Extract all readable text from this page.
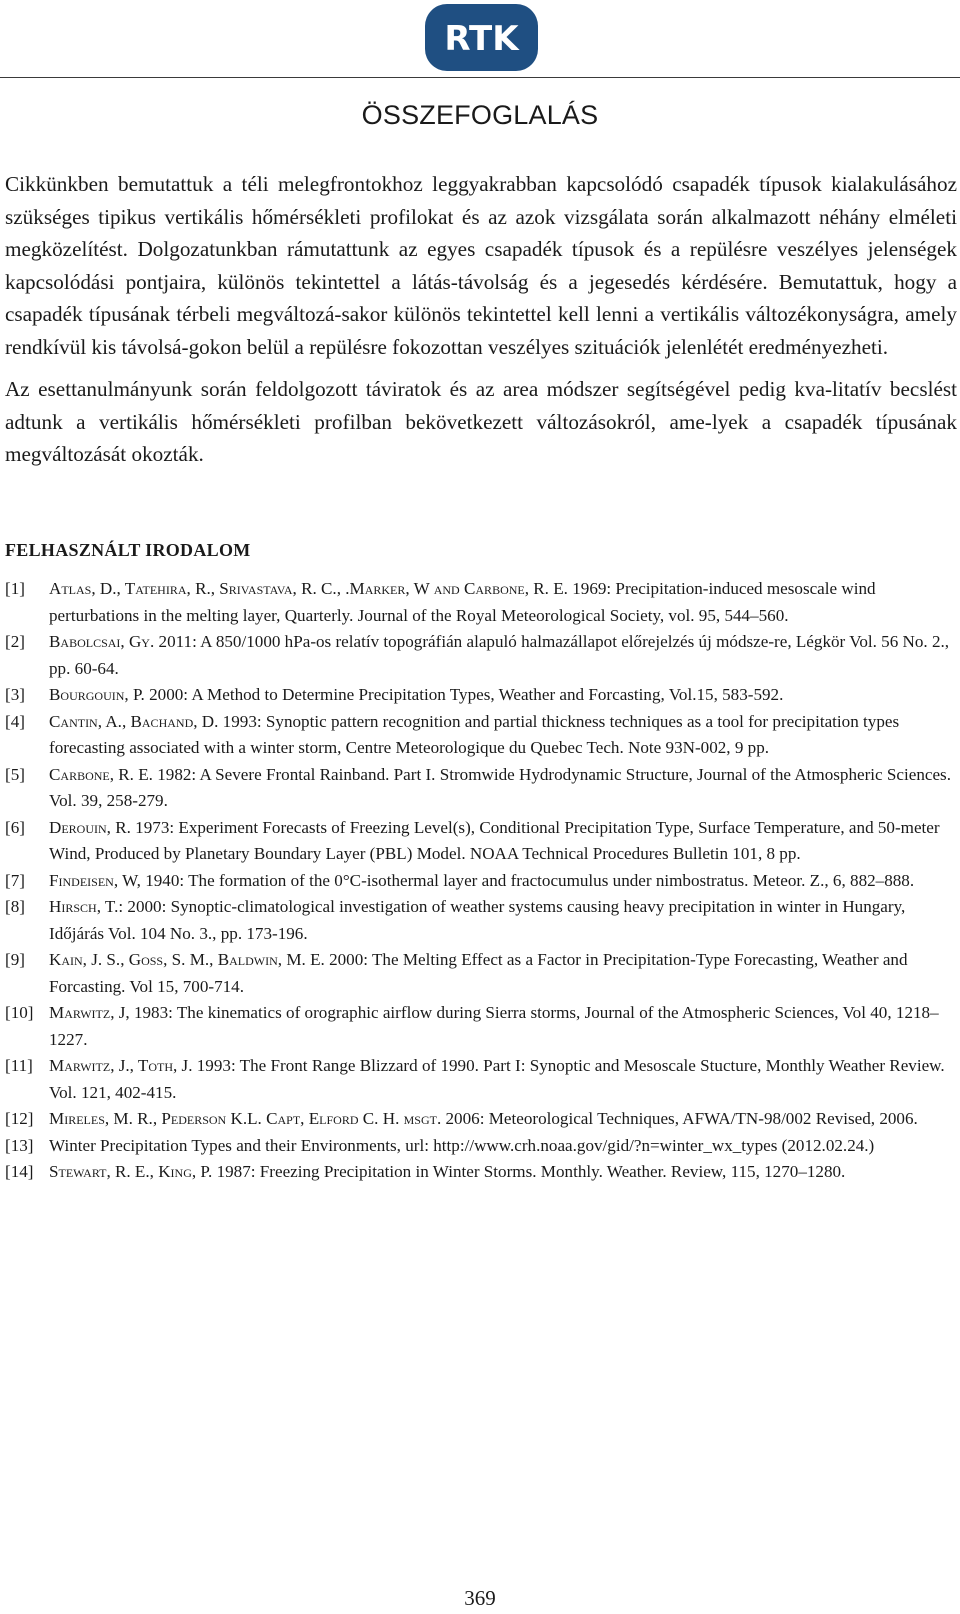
RTK
ÖSSZEFOGLALÁS

Cikkünkben bemutattuk a téli melegfrontokhoz leggyakrabban kapcsolódó csapadék típusok kialakulásához szükséges tipikus vertikális hőmérsékleti profilokat és az azok vizsgálata során alkalmazott néhány elméleti megközelítést. Dolgozatunkban rámutattunk az egyes csapadék típusok és a repülésre veszélyes jelenségek kapcsolódási pontjaira, különös tekintettel a látás-távolság és a jegesedés kérdésére. Bemutattuk, hogy a csapadék típusának térbeli megváltozá-sakor különös tekintettel kell lenni a vertikális változékonyságra, amely rendkívül kis távolsá-gokon belül a repülésre fokozottan veszélyes szituációk jelenlétét eredményezheti.

Az esettanulmányunk során feldolgozott táviratok és az area módszer segítségével pedig kva-litatív becslést adtunk a vertikális hőmérsékleti profilban bekövetkezett változásokról, ame-lyek a csapadék típusának megváltozását okozták.

FELHASZNÁLT IRODALOM
[1]	Atlas, D., Tatehira, R., Srivastava, R. C., .Marker, W and Carbone, R. E. 1969: Precipitation-induced mesoscale wind perturbations in the melting layer, Quarterly. Journal of the Royal Meteorological Society, vol. 95, 544–560.
[2]	Babolcsai, Gy. 2011: A 850/1000 hPa-os relatív topográfián alapuló halmazállapot előrejelzés új módsze-re, Légkör Vol. 56 No. 2., pp. 60-64.
[3]	Bourgouin, P. 2000: A Method to Determine Precipitation Types, Weather and Forcasting, Vol.15, 583-592.
[4]	Cantin, A., Bachand, D. 1993: Synoptic pattern recognition and partial thickness techniques as a tool for precipitation types forecasting associated with a winter storm, Centre Meteorologique du Quebec Tech. Note 93N-002, 9 pp.
[5]	Carbone, R. E. 1982: A Severe Frontal Rainband. Part I. Stromwide Hydrodynamic Structure, Journal of the Atmospheric Sciences. Vol. 39, 258-279.
[6]	Derouin, R. 1973: Experiment Forecasts of Freezing Level(s), Conditional Precipitation Type, Surface Temperature, and 50-meter Wind, Produced by Planetary Boundary Layer (PBL) Model. NOAA Technical Procedures Bulletin 101, 8 pp.
[7]	Findeisen, W, 1940: The formation of the 0°C-isothermal layer and fractocumulus under nimbostratus. Meteor. Z., 6, 882–888.
[8]	Hirsch, T.: 2000: Synoptic-climatological investigation of weather systems causing heavy precipitation in winter in Hungary, Időjárás Vol. 104 No. 3., pp. 173-196.
[9]	Kain, J. S., Goss, S. M., Baldwin, M. E. 2000: The Melting Effect as a Factor in Precipitation-Type Forecasting, Weather and Forcasting. Vol 15, 700-714.
[10] Marwitz, J, 1983: The kinematics of orographic airflow during Sierra storms, Journal of the Atmospheric Sciences, Vol 40, 1218–1227.
[11] Marwitz, J., Toth, J. 1993: The Front Range Blizzard of 1990. Part I: Synoptic and Mesoscale Stucture, Monthly Weather Review. Vol. 121, 402-415.
[12] Mireles, M. R., Pederson K.L. Capt, Elford C. H. msgt. 2006: Meteorological Techniques, AFWA/TN-98/002 Revised, 2006.
[13] Winter Precipitation Types and their Environments, url: http://www.crh.noaa.gov/gid/?n=winter_wx_types (2012.02.24.)
[14] Stewart, R. E., King, P. 1987: Freezing Precipitation in Winter Storms. Monthly. Weather. Review, 115, 1270–1280.
369
